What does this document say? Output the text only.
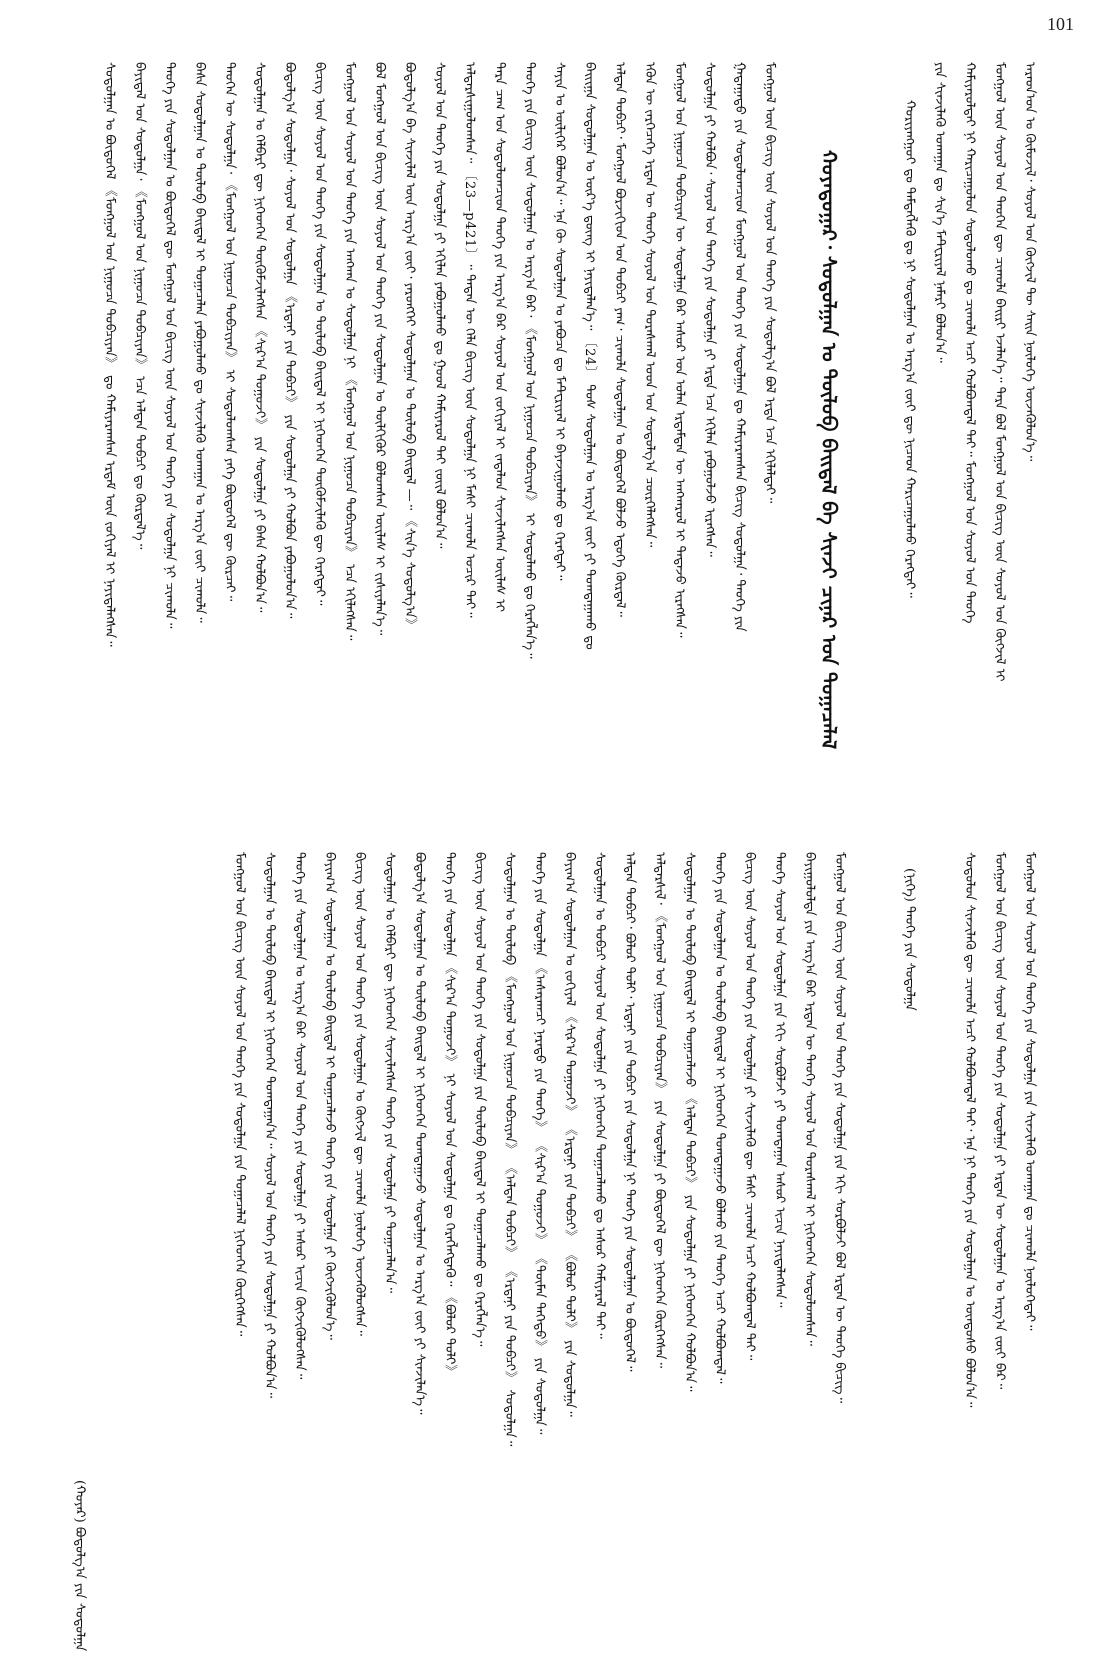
101
ᠠᠷᠠᠳ᠎ᠤᠨ ᠤ ᠬᠦᠮᠦᠵᠢᠯ᠂ ᠰᠣᠶᠣᠯ ᠤᠨ ᠬᠥᠭᠵᠢᠯ ᠲᠦ ᠰᠠᠢᠨ ᠨᠥᠯᠦᠭᠡ ᠦᠵᠡᠭᠦᠯᠦᠨ᠎ᠡ᠃
ᠮᠣᠩᠭᠣᠯ ᠦᠨ ᠰᠣᠶᠣᠯ ᠤᠨ ᠲᠡᠦᠬᠡᠨ ᠳᠦ ᠴᠢᠬᠤᠯᠠ ᠪᠠᠢᠷᠢ ᠡᠵᠡᠯᠡᠨ᠎ᠡ᠃ ᠲᠡᠷᠡ ᠪᠣᠯ ᠮᠣᠩᠭᠣᠯ ᠤᠨ ᠪᠢᠴᠢᠭ ᠦᠨ ᠰᠣᠶᠣᠯ ᠤᠨ ᠬᠥᠭᠵᠢᠯ ᠢ
ᠬᠠᠮᠢᠶᠠᠷᠤᠯᠲᠠᠢ ᠨᠢ ᠬᠠᠷᠢᠴᠠᠭᠤᠯᠤᠨ ᠰᠤᠳᠤᠯᠤᠬᠤ ᠳᠤ ᠴᠢᠬᠤᠯᠠ ᠠᠴᠢ ᠬᠣᠯᠪᠣᠭᠳᠠᠯ ᠲᠠᠢ᠃ ᠮᠣᠩᠭᠣᠯ ᠤᠨ ᠰᠣᠶᠣᠯ ᠤᠨ ᠲᠡᠦᠬᠡ
ᠶᠢᠨ ᠰᠢᠨᠵᠢᠯᠡᠬᠦ ᠤᠬᠠᠭᠠᠨ ᠳᠤ ᠰᠢᠨ᠎ᠡ ᠮᠠᠲ᠋ᠧᠷᠢᠶᠠᠯ ᠨᠡᠮᠡᠷᠢ ᠪᠣᠯᠤᠨ᠎ᠠ᠃
ᠬᠤᠷᠢᠶᠠᠩᠭᠤᠢ ᠳᠤ ᠲᠡᠮᠳᠡᠭᠯᠡᠬᠦ ᠳᠤ ᠨᠢ ᠰᠤᠳᠤᠯᠭᠠᠨ ᠤ ᠠᠷᠭ᠎ᠠ ᠵᠦᠢ ᠳᠦ ᠨᠢᠴᠠᠳ ᠬᠠᠷᠢᠴᠠᠭᠤᠯᠬᠤ ᠬᠡᠷᠡᠭᠲᠡᠢ᠃
ᠬᠣᠶᠠᠳᠤᠭᠠᠷ᠂ ᠰᠤᠳᠤᠯᠭᠠᠨ ᠤ ᠲᠥᠯᠦᠪ ᠪᠠᠢᠳᠠᠯ ᠪᠠ ᠰᠢᠨᠵᠢ ᠴᠢᠨᠠᠷ ᠤᠨ ᠲᠣᠭᠠᠴᠠᠯᠠᠯ
ᠮᠣᠩᠭᠣᠯ ᠦᠨ ᠪᠢᠴᠢᠭ ᠦᠨ ᠰᠣᠶᠣᠯ ᠤᠨ ᠲᠡᠦᠬᠡ ᠶᠢᠨ ᠰᠤᠳᠤᠯᠭ᠎ᠠ ᠪᠣᠯ ᠡᠷᠲᠡ ᠡᠴᠡ ᠡᠬᠢᠯᠡᠯᠲᠡᠢ᠃
ᠭᠠᠳᠠᠭᠠᠳᠤ ᠶᠢᠨ ᠰᠤᠳᠤᠯᠤᠭᠴᠢᠳ ᠮᠣᠩᠭᠣᠯ ᠤᠨ ᠲᠡᠦᠬᠡ ᠶᠢᠨ ᠰᠤᠳᠤᠯᠭᠠᠨ ᠳᠤ ᠬᠠᠮᠢᠶᠠᠷᠠᠭᠰᠠᠨ ᠪᠢᠴᠢᠭ ᠰᠤᠳᠤᠯᠭᠠ᠂ ᠲᠡᠦᠬᠡ ᠶᠢᠨ
ᠰᠤᠳᠤᠯᠭᠠ ᠶᠢ ᠬᠣᠯᠪᠣᠨ᠂ ᠰᠣᠶᠣᠯ ᠤᠨ ᠲᠡᠦᠬᠡ ᠶᠢᠨ ᠰᠤᠳᠤᠯᠭᠠ ᠶᠢ ᠡᠷᠲᠡ ᠡᠴᠡ ᠡᠬᠢᠯᠡᠨ ᠶᠠᠪᠤᠭᠤᠯᠵᠤ ᠢᠷᠡᠭᠰᠡᠨ᠃
ᠮᠣᠩᠭᠣᠯ ᠤᠨ ᠨᠢᠭᠤᠴᠠ ᠲᠣᠪᠴᠢᠶᠠᠨ ᠦ ᠰᠤᠳᠤᠯᠭᠠ ᠪᠠᠷ ᠠᠰᠤᠷ ᠤᠨ ᠣᠯᠠᠨ ᠡᠷᠳᠡᠮᠲᠡᠨ ᠦ ᠠᠩᠬᠠᠷᠤᠯ ᠢ ᠲᠠᠲᠠᠵᠤ ᠢᠷᠡᠭᠰᠡᠨ᠃
ᠡᠭᠦᠨ ᠦ ᠵᠡᠷᠭᠡᠴᠡᠭᠡ ᠡᠷᠲᠡᠨ ᠦ ᠲᠡᠦᠬᠡ ᠰᠣᠶᠣᠯ ᠤᠨ ᠳᠤᠷᠠᠰᠬᠠᠯ ᠤᠳ ᠤᠨ ᠰᠤᠳᠤᠯᠭ᠎ᠠ ᠴᠦᠷᠬᠡᠯᠡᠭᠰᠡᠨ᠃
ᠠᠯᠲᠠᠨ ᠲᠣᠪᠴᠢ᠂ ᠮᠣᠩᠭᠣᠯ ᠪᠣᠷᠵᠢᠭᠢᠳ ᠤᠨ ᠲᠣᠪᠴᠢ ᠶᠠᠭ᠂ ᠴᠢᠬᠤᠯᠠ ᠰᠤᠳᠤᠯᠭᠠᠨ ᠤ ᠪᠦᠲᠦᠭᠡᠯ ᠪᠣᠯᠵᠤ ᠡᠳᠦᠭᠡ ᠬᠦᠷᠲᠡᠯ᠃
ᠪᠠᠢᠢᠭᠠ ᠰᠤᠳᠤᠯᠭᠠᠨ ᠤ ᠦᠷ᠎ᠡ ᠳ᠋ᠦᠩ ᠢ ᠨᠡᠶᠢᠲᠡᠯᠡᠨ᠎ᠡ᠃ 〔24〕 ᠲᠤᠰ ᠰᠤᠳᠤᠯᠭᠠᠨ ᠤ ᠠᠷᠭ᠎ᠠ ᠵᠦᠢ ᠶᠢ ᠲᠣᠭᠲᠠᠭᠠᠬᠤ ᠳᠤ
ᠰᠠᠶᠢᠨ ᠤ ᠦᠯᠢᠭᠡᠷ ᠪᠣᠯᠤᠨ᠎ᠠ᠃ ᠡᠨᠡ ᠬᠦ ᠰᠤᠳᠤᠯᠭᠠᠨ ᠤ ᠶᠠᠪᠤᠴᠠ ᠳᠤ ᠮᠠᠲ᠋ᠧᠷᠢᠶᠠᠯ ᠢ ᠪᠠᠶᠠᠵᠢᠭᠤᠯᠬᠤ ᠳᠤ ᠬᠡᠷᠡᠭᠲᠡᠢ᠃
ᠲᠡᠦᠬᠡ ᠶᠢᠨ ᠪᠢᠴᠢᠭ ᠦᠨ ᠰᠤᠳᠤᠯᠭᠠᠨ ᠤ ᠠᠷᠭ᠎ᠠ ᠪᠠᠷ᠂ 《ᠮᠣᠩᠭᠣᠯ ᠤᠨ ᠨᠢᠭᠤᠴᠠ ᠲᠣᠪᠴᠢᠶᠠᠨ》 ᠢ ᠰᠤᠳᠤᠯᠬᠤ ᠳᠤ ᠬᠡᠷᠡᠭᠯᠡᠨ᠎ᠡ᠃
ᠲᠡᠷᠡ ᠴᠠᠭ ᠤᠨ ᠰᠤᠳᠤᠯᠤᠭᠴᠢᠳ ᠲᠡᠦᠬᠡ ᠶᠢᠨ ᠠᠷᠭ᠎ᠠ ᠪᠠᠷ ᠰᠣᠶᠣᠯ ᠤᠨ ᠵᠣᠬᠢᠶᠠᠯ ᠢ ᠵᠠᠳᠠᠯᠤᠨ ᠰᠢᠨᠵᠢᠯᠡᠭᠰᠡᠨ ᠦᠢᠯᠡᠰ ᠢ
ᠠᠯᠳᠠᠷᠰᠢᠭᠤᠯᠤᠭᠰᠠᠨ᠃ 〔23—p421〕᠃ ᠲᠡᠳᠡᠨ ᠦ ᠬᠡᠯᠡ ᠪᠢᠴᠢᠭ ᠦᠨ ᠰᠤᠳᠤᠯᠭᠠ ᠨᠢ ᠮᠠᠰᠢ ᠴᠢᠬᠤᠯᠠ ᠤᠴᠢᠷ ᠲᠠᠢ᠃
ᠰᠣᠶᠣᠯ ᠤᠨ ᠲᠡᠦᠬᠡ ᠶᠢᠨ ᠰᠤᠳᠤᠯᠭᠠ ᠶᠢ ᠡᠬᠢᠯᠡᠨ ᠶᠠᠪᠤᠭᠤᠯᠬᠤ ᠳᠤ ᠭᠣᠣᠯ ᠬᠠᠮᠢᠶᠠᠷᠤᠯ ᠲᠠᠢ ᠵᠦᠢᠯ ᠪᠣᠯᠤᠨ᠎ᠠ᠃
ᠪᠣᠳᠤᠯᠭ᠎ᠠ ᠪᠠ ᠰᠢᠨᠵᠢᠯᠡᠯ ᠦᠨ ᠠᠷᠭ᠎ᠠ ᠵᠦᠢ᠂ ᠶᠡᠷᠦᠩᠬᠡᠢ ᠰᠤᠳᠤᠯᠭᠠᠨ ᠤ ᠲᠥᠯᠦᠪ ᠪᠠᠢᠳᠠᠯ —᠃ 《ᠰᠢᠨ᠎ᠡ ᠰᠤᠳᠤᠯᠭ᠎ᠠ》
ᠪᠣᠯ ᠮᠣᠩᠭᠣᠯ ᠤᠨ ᠪᠢᠴᠢᠭ ᠦᠨ ᠰᠣᠶᠣᠯ ᠤᠨ ᠲᠡᠦᠬᠡ ᠶᠢᠨ ᠰᠤᠳᠤᠯᠭᠠᠨ ᠤ ᠲᠦᠯᠬᠢᠭᠦᠷ ᠪᠣᠯᠤᠭᠰᠠᠨ ᠦᠢᠯᠡᠰ ᠢ ᠵᠢᠱᠢᠶᠡᠯᠡᠨ᠎ᠡ᠃
ᠮᠣᠩᠭᠣᠯ ᠤᠨ ᠰᠣᠶᠣᠯ ᠤᠨ ᠲᠡᠦᠬᠡ ᠶᠢᠨ ᠠᠩᠬᠠᠨ ᠤ ᠰᠤᠳᠤᠯᠭᠠ ᠨᠢ 《ᠮᠣᠩᠭᠣᠯ ᠤᠨ ᠨᠢᠭᠤᠴᠠ ᠲᠣᠪᠴᠢᠶᠠᠨ》 ᠡᠴᠡ ᠡᠬᠢᠯᠡᠭᠰᠡᠨ᠃
ᠪᠢᠴᠢᠭ ᠦᠨ ᠰᠣᠶᠣᠯ ᠤᠨ ᠲᠡᠦᠬᠡ ᠶᠢᠨ ᠰᠤᠳᠤᠯᠭᠠᠨ ᠤ ᠲᠥᠯᠦᠪ ᠪᠠᠢᠳᠠᠯ ᠢ ᠨᠢᠭᠡᠳᠬᠡᠨ ᠳᠦᠭᠦᠮᠵᠢᠯᠡᠬᠦ ᠳᠦ ᠬᠡᠷᠡᠭᠲᠡᠢ᠃
ᠪᠣᠳᠤᠯᠭ᠎ᠠ ᠰᠤᠳᠤᠯᠭᠠ᠂ ᠰᠣᠶᠣᠯ ᠤᠨ ᠰᠤᠳᠤᠯᠭᠠ 《ᠡᠷᠳᠡᠨᠢ ᠶᠢᠨ ᠲᠣᠪᠴᠢ》 ᠶᠢᠨ ᠰᠤᠳᠤᠯᠭᠠ ᠶᠢ ᠬᠣᠯᠪᠣᠨ ᠶᠠᠪᠤᠭᠤᠯᠤᠨ᠎ᠠ᠃
ᠰᠤᠳᠤᠯᠭᠠᠨ ᠤ ᠬᠡᠯᠪᠡᠷᠢ ᠳᠦ ᠨᠢᠭᠡᠳᠬᠡᠨ ᠳᠦᠭᠦᠮᠵᠢᠯᠡᠭᠰᠡᠨ 《ᠰᠢᠷ᠎ᠠ ᠲᠣᠭᠤᠵᠢ》 ᠶᠢᠨ ᠰᠤᠳᠤᠯᠭᠠ ᠶᠢ ᠪᠠᠰᠠ ᠬᠣᠯᠪᠣᠨ᠎ᠠ᠃
ᠲᠡᠦᠬᠡᠨ ᠦ ᠰᠤᠳᠤᠯᠭᠠ᠂ 《ᠮᠣᠩᠭᠣᠯ ᠤᠨ ᠨᠢᠭᠤᠴᠠ ᠲᠣᠪᠴᠢᠶᠠᠨ》 ᠢ ᠰᠤᠳᠤᠯᠤᠭᠰᠠᠨ ᠶᠡᠬᠡ ᠪᠦᠲᠦᠭᠡᠯ ᠳᠦ ᠬᠦᠷᠴᠡᠢ᠃
ᠪᠠᠰᠠ ᠰᠤᠳᠤᠯᠭᠠᠨ ᠤ ᠲᠥᠯᠦᠪ ᠪᠠᠢᠳᠠᠯ ᠢ ᠲᠣᠭᠠᠴᠠᠯᠠᠨ ᠶᠠᠪᠤᠭᠤᠯᠬᠤ ᠳᠤ ᠰᠢᠨᠵᠢᠯᠡᠬᠦ ᠤᠬᠠᠭᠠᠨ ᠤ ᠠᠷᠭ᠎ᠠ ᠵᠦᠢ ᠴᠢᠬᠤᠯᠠ᠃
ᠲᠡᠦᠬᠡ ᠶᠢᠨ ᠰᠤᠳᠤᠯᠭᠠᠨ ᠤ ᠪᠦᠲᠦᠭᠡᠯ ᠳᠦ ᠮᠣᠩᠭᠣᠯ ᠤᠨ ᠪᠢᠴᠢᠭ ᠦᠨ ᠰᠣᠶᠣᠯ ᠤᠨ ᠲᠡᠦᠬᠡ ᠶᠢᠨ ᠰᠤᠳᠤᠯᠭᠠ ᠨᠢ ᠴᠢᠬᠤᠯᠠ᠃
ᠪᠠᠶᠢᠳᠠᠯ ᠤᠨ ᠰᠤᠳᠤᠯᠭᠠ᠂ 《ᠮᠣᠩᠭᠣᠯ ᠤᠨ ᠨᠢᠭᠤᠴᠠ ᠲᠣᠪᠴᠢᠶᠠᠨ》 ᠡᠴᠡ ᠠᠯᠲᠠᠨ ᠲᠣᠪᠴᠢ ᠳᠤ ᠬᠦᠷᠲᠡᠯ᠎ᠡ᠃
ᠰᠤᠳᠤᠯᠭᠠᠨ ᠤ ᠪᠦᠲᠦᠭᠡᠯ 《ᠮᠣᠩᠭᠣᠯ ᠤᠨ ᠨᠢᠭᠤᠴᠠ ᠲᠣᠪᠴᠢᠶᠠᠨ》 ᠳᠤ ᠬᠠᠮᠢᠶᠠᠷᠠᠭᠰᠠᠨ ᠡᠷᠳᠡᠮ ᠦᠨ ᠵᠣᠬᠢᠶᠠᠯ ᠢ ᠨᠡᠶᠢᠲᠡᠯᠡᠭᠰᠡᠨ᠃
ᠮᠣᠩᠭᠣᠯ ᠤᠨ ᠰᠣᠶᠣᠯ ᠤᠨ ᠲᠡᠦᠬᠡ ᠶᠢᠨ ᠰᠤᠳᠤᠯᠭᠠ ᠶᠢᠨ ᠰᠢᠨᠵᠢᠯᠡᠬᠦ ᠤᠬᠠᠭᠠᠨ ᠳᠤ ᠴᠢᠬᠤᠯᠠ ᠨᠥᠯᠦᠭᠡᠲᠡᠢ᠃
ᠮᠣᠩᠭᠣᠯ ᠤᠨ ᠪᠢᠴᠢᠭ ᠦᠨ ᠰᠣᠶᠣᠯ ᠤᠨ ᠲᠡᠦᠬᠡ ᠶᠢᠨ ᠰᠤᠳᠤᠯᠭᠠ ᠶᠢ ᠡᠷᠲᠡᠨ ᠦ ᠰᠤᠳᠤᠯᠭᠠᠨ ᠤ ᠠᠷᠭ᠎ᠠ ᠵᠦᠢ ᠪᠠᠷ᠃
ᠰᠤᠳᠤᠯᠤᠨ ᠰᠢᠨᠵᠢᠯᠡᠬᠦ ᠳᠦ ᠴᠢᠬᠤᠯᠠ ᠠᠴᠢ ᠬᠣᠯᠪᠣᠭᠳᠠᠯ ᠲᠠᠢ᠂ ᠡᠨᠡ ᠨᠢ ᠲᠡᠦᠬᠡ ᠶᠢᠨ ᠰᠤᠳᠤᠯᠭᠠᠨ ᠤ ᠦᠨᠳᠦᠰᠦ ᠪᠣᠯᠤᠨ᠎ᠠ᠃
(ᠨᠢᠭᠡ) ᠲᠡᠦᠬᠡ ᠶᠢᠨ ᠰᠤᠳᠤᠯᠭᠠ
ᠮᠣᠩᠭᠣᠯ ᠤᠨ ᠪᠢᠴᠢᠭ ᠦᠨ ᠰᠣᠶᠣᠯ ᠤᠨ ᠲᠡᠦᠬᠡ ᠶᠢᠨ ᠰᠤᠳᠤᠯᠭᠠ ᠶᠢᠨ ᠡᠬᠢ ᠰᠤᠷᠪᠤᠯᠵᠢ ᠪᠣᠯ ᠡᠷᠲᠡᠨ ᠦ ᠲᠡᠦᠬᠡ ᠪᠢᠴᠢᠭ᠃
ᠪᠠᠶᠢᠭᠤᠯᠤᠯᠲᠠ ᠶᠢᠨ ᠠᠷᠭ᠎ᠠ ᠪᠠᠷ ᠡᠷᠲᠡᠨ ᠦ ᠲᠡᠦᠬᠡ ᠰᠣᠶᠣᠯ ᠤᠨ ᠳᠤᠷᠠᠰᠬᠠᠯ ᠢ ᠨᠢᠭᠡᠳᠬᠡᠨ ᠰᠤᠳᠤᠯᠤᠭᠰᠠᠨ᠃
ᠲᠡᠦᠬᠡ ᠰᠣᠶᠣᠯ ᠤᠨ ᠰᠤᠳᠤᠯᠭᠠ ᠶᠢᠨ ᠡᠬᠢ ᠰᠤᠷᠪᠤᠯᠵᠢ ᠶᠢ ᠲᠣᠭᠲᠠᠭᠠᠨ ᠠᠰᠤᠷ ᠢᠴᠢᠨ ᠨᠡᠶᠢᠲᠡᠯᠡᠭᠰᠡᠨ᠃
ᠪᠢᠴᠢᠭ ᠦᠨ ᠰᠣᠶᠣᠯ ᠤᠨ ᠲᠡᠦᠬᠡ ᠶᠢᠨ ᠰᠤᠳᠤᠯᠭᠠ ᠶᠢ ᠰᠢᠨᠵᠢᠯᠡᠬᠦ ᠳᠦ ᠮᠠᠰᠢ ᠴᠢᠬᠤᠯᠠ ᠠᠴᠢ ᠬᠣᠯᠪᠣᠭᠳᠠᠯ ᠲᠠᠢ᠃
ᠲᠡᠦᠬᠡ ᠶᠢᠨ ᠰᠤᠳᠤᠯᠭᠠᠨ ᠤ ᠲᠥᠯᠦᠪ ᠪᠠᠢᠳᠠᠯ ᠢ ᠨᠢᠭᠡᠳᠬᠡᠨ ᠲᠣᠭᠲᠠᠭᠠᠵᠤ ᠪᠣᠯᠬᠤ ᠶᠢᠨ ᠲᠡᠦᠬᠡ ᠠᠴᠢ ᠬᠣᠯᠪᠣᠭᠳᠠᠯ᠃
ᠰᠤᠳᠤᠯᠭᠠᠨ ᠤ ᠲᠥᠯᠦᠪ ᠪᠠᠢᠳᠠᠯ ᠢ ᠲᠣᠭᠠᠴᠠᠯᠠᠵᠤ 《ᠠᠯᠲᠠᠨ ᠲᠣᠪᠴᠢ》 ᠶᠢᠨ ᠰᠤᠳᠤᠯᠭᠠ ᠶᠢ ᠨᠢᠭᠡᠳᠬᠡᠨ ᠬᠣᠯᠪᠣᠨ᠎ᠠ᠃
ᠠᠯᠳᠠᠷᠰᠢᠯ᠂ 《ᠮᠣᠩᠭᠣᠯ ᠤᠨ ᠨᠢᠭᠤᠴᠠ ᠲᠣᠪᠴᠢᠶᠠᠨ》 ᠶᠢᠨ ᠰᠤᠳᠤᠯᠭᠠ ᠶᠢ ᠪᠦᠲᠦᠭᠡᠯ ᠳᠦ ᠨᠢᠭᠡᠳᠬᠡᠨ ᠬᠦᠷᠭᠡᠭᠰᠡᠨ᠃
ᠠᠯᠲᠠᠨ ᠲᠣᠪᠴᠢ᠂ ᠪᠣᠯᠤᠷ ᠲᠣᠯᠢ᠂ ᠡᠷᠳᠡᠨᠢ ᠶᠢᠨ ᠲᠣᠪᠴᠢ ᠶᠢᠨ ᠰᠤᠳᠤᠯᠭᠠ ᠨᠢ ᠲᠡᠦᠬᠡ ᠶᠢᠨ ᠰᠤᠳᠤᠯᠭᠠᠨ ᠤ ᠪᠦᠲᠦᠭᠡᠯ᠃
ᠰᠤᠳᠤᠯᠭᠠᠨ ᠤ ᠲᠣᠪᠴᠢ ᠰᠣᠶᠣᠯ ᠤᠨ ᠰᠤᠳᠤᠯᠭᠠ ᠶᠢ ᠨᠢᠭᠡᠳᠬᠡᠨ ᠲᠣᠭᠠᠴᠠᠯᠠᠬᠤ ᠳᠤ ᠠᠰᠤᠷ ᠬᠠᠮᠢᠶᠠᠷᠠᠯ ᠲᠠᠢ᠃
ᠪᠠᠶᠢᠭ᠎ᠠ ᠰᠤᠳᠤᠯᠭᠠᠨ ᠤ ᠵᠣᠬᠢᠶᠠᠯ 《ᠰᠢᠷ᠎ᠠ ᠲᠣᠭᠤᠵᠢ》 《ᠡᠷᠳᠡᠨᠢ ᠶᠢᠨ ᠲᠣᠪᠴᠢ》 《ᠪᠣᠯᠤᠷ ᠲᠣᠯᠢ》 ᠶᠢᠨ ᠰᠤᠳᠤᠯᠭᠠ᠃
ᠲᠡᠦᠬᠡ ᠶᠢᠨ ᠰᠤᠳᠤᠯᠭᠠ 《ᠠᠰᠠᠷᠠᠭᠴᠢ ᠨᠡᠷᠡᠲᠦ ᠶᠢᠨ ᠲᠡᠦᠬᠡ》 《ᠰᠢᠷ᠎ᠠ ᠲᠣᠭᠤᠵᠢ》 《ᠲᠦᠮᠡᠨ ᠳᠡᠭᠡᠳᠦ》 ᠶᠢᠨ ᠰᠤᠳᠤᠯᠭᠠ᠃
ᠰᠤᠳᠤᠯᠭᠠᠨ ᠤ ᠲᠥᠯᠦᠪ 《ᠮᠣᠩᠭᠣᠯ ᠤᠨ ᠨᠢᠭᠤᠴᠠ ᠲᠣᠪᠴᠢᠶᠠᠨ》 《ᠠᠯᠲᠠᠨ ᠲᠣᠪᠴᠢ》 《ᠡᠷᠳᠡᠨᠢ ᠶᠢᠨ ᠲᠣᠪᠴᠢ》 ᠰᠤᠳᠤᠯᠭᠠ᠃
ᠪᠢᠴᠢᠭ ᠦᠨ ᠰᠣᠶᠣᠯ ᠤᠨ ᠲᠡᠦᠬᠡ ᠶᠢᠨ ᠰᠤᠳᠤᠯᠭᠠ ᠶᠢᠨ ᠲᠥᠯᠦᠪ ᠪᠠᠢᠳᠠᠯ ᠢ ᠲᠣᠭᠠᠴᠠᠯᠠᠬᠤ ᠳᠤ ᠬᠡᠷᠡᠭᠯᠡᠨ᠎ᠡ᠃
ᠲᠡᠦᠬᠡ ᠶᠢᠨ ᠰᠤᠳᠤᠯᠭᠠ 《ᠰᠢᠷ᠎ᠠ ᠲᠣᠭᠤᠵᠢ》 ᠨᠢ ᠰᠣᠶᠣᠯ ᠤᠨ ᠰᠤᠳᠤᠯᠭᠠ ᠳᠤ ᠬᠡᠷᠡᠭᠯᠡᠭᠳᠡᠭᠦ᠃ 《ᠪᠣᠯᠤᠷ ᠲᠣᠯᠢ》
ᠪᠣᠳᠤᠯᠭ᠎ᠠ ᠰᠤᠳᠤᠯᠭᠠᠨ ᠤ ᠲᠥᠯᠦᠪ ᠪᠠᠢᠳᠠᠯ ᠢ ᠨᠢᠭᠡᠳᠬᠡᠨ ᠲᠣᠭᠲᠠᠭᠠᠵᠤ ᠰᠤᠳᠤᠯᠭᠠᠨ ᠤ ᠠᠷᠭ᠎ᠠ ᠵᠦᠢ ᠶᠢ ᠰᠢᠨᠵᠢᠯᠡᠨ᠎ᠡ᠃
ᠰᠤᠳᠤᠯᠭᠠᠨ ᠤ ᠬᠡᠯᠪᠡᠷᠢ ᠳᠦ ᠨᠢᠭᠡᠳᠬᠡᠨ ᠰᠢᠨᠵᠢᠯᠡᠭᠰᠡᠨ ᠲᠡᠦᠬᠡ ᠶᠢᠨ ᠰᠤᠳᠤᠯᠭᠠ ᠶᠢ ᠲᠣᠭᠠᠴᠠᠯᠠᠨ᠎ᠠ᠃
ᠪᠢᠴᠢᠭ ᠦᠨ ᠰᠣᠶᠣᠯ ᠤᠨ ᠲᠡᠦᠬᠡ ᠶᠢᠨ ᠰᠤᠳᠤᠯᠭᠠᠨ ᠤ ᠬᠥᠭᠵᠢᠯ ᠳᠦ ᠴᠢᠬᠤᠯᠠ ᠨᠥᠯᠦᠭᠡ ᠦᠵᠡᠭᠦᠯᠦᠭᠰᠡᠨ᠃
ᠪᠠᠶᠢᠭ᠎ᠠ ᠰᠤᠳᠤᠯᠭᠠᠨ ᠤ ᠲᠥᠯᠦᠪ ᠪᠠᠢᠳᠠᠯ ᠢ ᠲᠣᠭᠠᠴᠠᠯᠠᠵᠤ ᠲᠡᠦᠬᠡ ᠶᠢᠨ ᠰᠤᠳᠤᠯᠭᠠ ᠶᠢ ᠬᠥᠭᠵᠢᠭᠦᠯᠦᠨ᠎ᠡ᠃
ᠲᠡᠦᠬᠡ ᠶᠢᠨ ᠰᠤᠳᠤᠯᠭᠠᠨ ᠤ ᠠᠷᠭ᠎ᠠ ᠪᠠᠷ ᠰᠣᠶᠣᠯ ᠤᠨ ᠲᠡᠦᠬᠡ ᠶᠢᠨ ᠰᠤᠳᠤᠯᠭᠠ ᠶᠢ ᠠᠰᠤᠷ ᠢᠴᠢᠨ ᠬᠥᠭᠵᠢᠭᠦᠯᠦᠭᠰᠡᠨ᠃
ᠰᠤᠳᠤᠯᠭᠠᠨ ᠤ ᠲᠥᠯᠦᠪ ᠪᠠᠢᠳᠠᠯ ᠢ ᠨᠢᠭᠡᠳᠬᠡᠨ ᠲᠣᠭᠲᠠᠭᠠᠨ᠎ᠠ᠃ ᠰᠣᠶᠣᠯ ᠤᠨ ᠲᠡᠦᠬᠡ ᠶᠢᠨ ᠰᠤᠳᠤᠯᠭᠠ ᠶᠢ ᠬᠣᠯᠪᠣᠨ᠎ᠠ᠃
ᠮᠣᠩᠭᠣᠯ ᠤᠨ ᠪᠢᠴᠢᠭ ᠦᠨ ᠰᠣᠶᠣᠯ ᠤᠨ ᠲᠡᠦᠬᠡ ᠶᠢᠨ ᠰᠤᠳᠤᠯᠭᠠ ᠶᠢᠨ ᠲᠣᠭᠠᠴᠠᠯᠠᠯ ᠨᠢᠭᠡᠳᠬᠡᠨ ᠬᠦᠷᠭᠡᠭᠰᠡᠨ᠃
(ᠬᠣᠶᠠᠷ) ᠪᠣᠳᠤᠯᠭ᠎ᠠ ᠶᠢᠨ ᠰᠤᠳᠤᠯᠭᠠ
